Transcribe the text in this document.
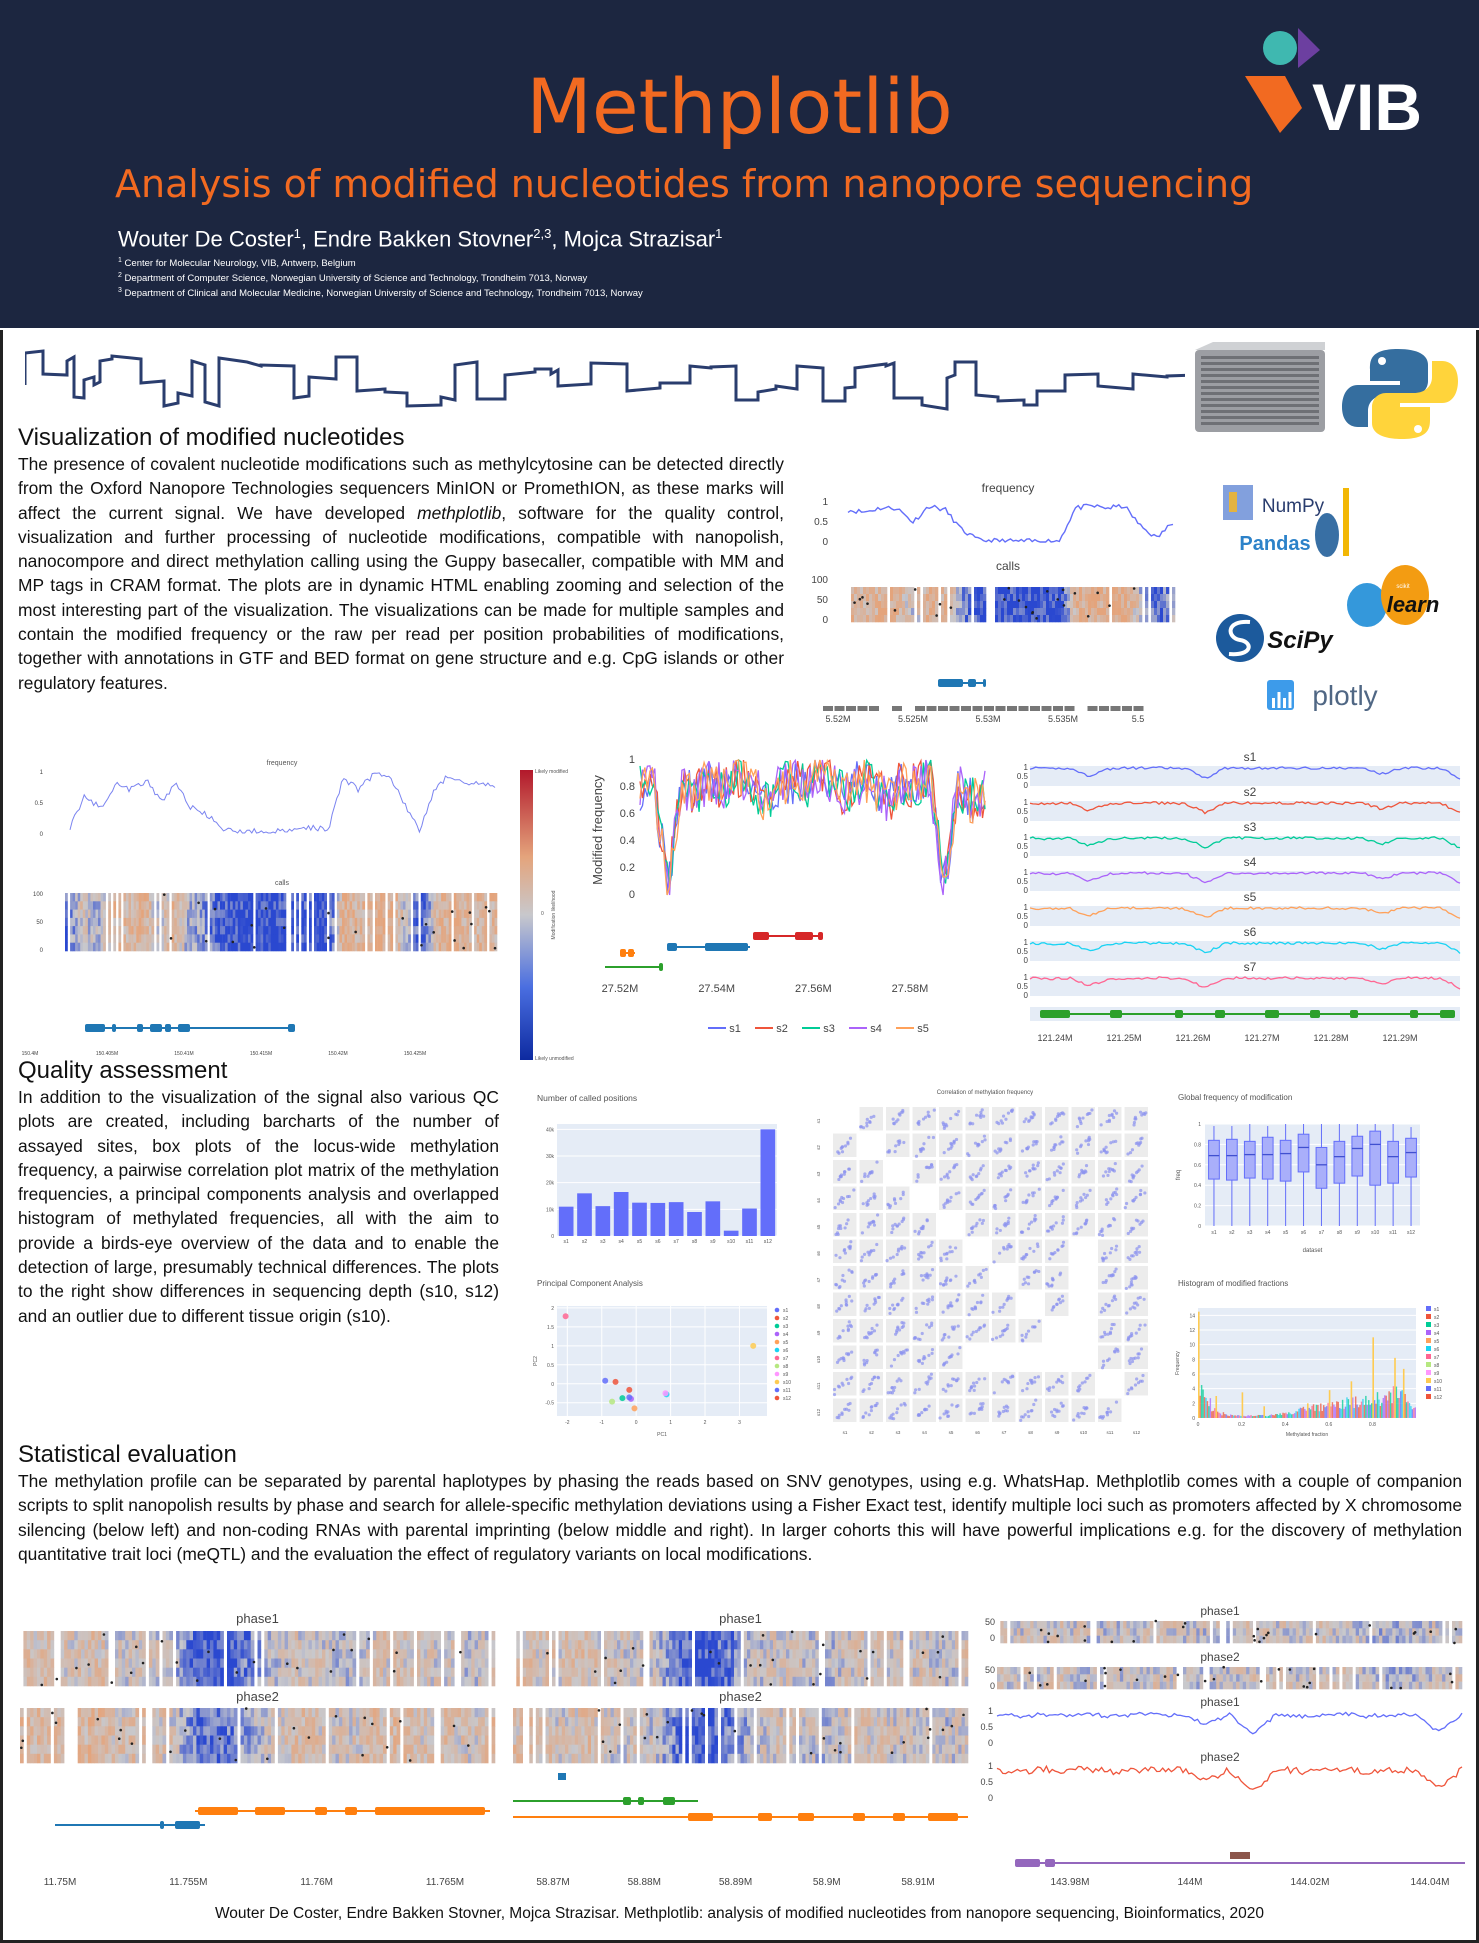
Methplotlib
Analysis of modified nucleotides from nanopore sequencing
Wouter De Coster$^1$, Endre Bakken Stovner$^{2,3}$, Mojca Strazisar$^1$
$^1$ Center for Molecular Neurology, VIB, Antwerp, Belgium
$^2$ Department of Computer Science, Norwegian University of Science and Technology, Trondheim 7013, Norway
$^3$ Department of Clinical and Molecular Medicine, Norwegian University of Science and Technology, Trondheim 7013, Norway
VIB
Visualization of modified nucleotides
The presence of covalent nucleotide modifications such as methylcytosine can be detected directly from the Oxford Nanopore Technologies sequencers MinION or PromethION, as these marks will affect the current signal. We have developed methplotlib, software for the quality control, visualization and further processing of nucleotide modifications, compatible with nanopolish, nanocompore and direct methylation calling using the Guppy basecaller, compatible with MM and MP tags in CRAM format. The plots are in dynamic HTML enabling zooming and selection of the most interesting part of the visualization. The visualizations can be made for multiple samples and contain the modified frequency or the raw per read per position probabilities of modifications, together with annotations in GTF and BED format on gene structure and e.g. CpG islands or other regulatory features.
frequency
1
0.5
0
calls
100
50
0
5.52M	5.525M	5.53M	5.535M	5.5
NumPy
Pandas
scikit
learn
SciPy
plotly
frequency
1
0.5
0
calls
100
50
0
150.4M	150.405M	150.41M	150.415M	150.42M	150.425M
Likely modified
Likely unmodified
0 Modification likelihood
1
0.8
0.6
0.4
0.2
0
Modified frequency
27.52M	27.54M	27.56M	27.58M
s1	s2	s3	s4	s5
s1
1
0.5
0	s2
1
0.5
0	s3
1
0.5
0	s4
1
0.5
0	s5
1
0.5
0	s6
1
0.5
0	s7
1
0.5
0
121.24M	121.25M	121.26M	121.27M	121.28M	121.29M
Quality assessment
In addition to the visualization of the signal also various QC plots are created, including barcharts of the number of assayed sites, box plots of the locus-wide methylation frequency, a pairwise correlation plot matrix of the methylation frequencies, a principal components analysis and overlapped histogram of methylated frequencies, all with the aim to provide a birds-eye overview of the data and to enable the detection of large, presumably technical differences. The plots to the right show differences in sequencing depth (s10, s12) and an outlier due to different tissue origin (s10).
Number of called positions
0
10k
20k
30k
40k
s1	s2	s3	s4	s5	s6	s7	s8	s9 s10 s11 s12
Correlation of methylation frequency
s1
s1
s2
s2
s3
s3
s4
s4
s5
s5
s6
s6
s7
s7
s8
s8
s9
s9
s10
s10
s11
s11
s12
s12
Global frequency of modification
0
0.2
0.4
0.6
0.8
1
freq
dataset
s1	s2	s3	s4	s5	s6	s7	s8	s9 s10 s11 s12
Principal Component Analysis
-2	-1	0	1	2	3
-0.5
0
0.5
1
1.5
2
PC1
PC2
s1
s2
s3
s4
s5
s6
s7
s8
s9
s10
s11
s12
Histogram of modified fractions
0
2
4
6
8
10
12
14
0	0.2	0.4	0.6	0.8
Methylated fraction
Frequency
s1
s2
s3
s4
s5
s6
s7
s8
s9
s10
s11
s12
Statistical evaluation
The methylation profile can be separated by parental haplotypes by phasing the reads based on SNV genotypes, using e.g. WhatsHap. Methplotlib comes with a couple of companion scripts to split nanopolish results by phase and search for allele-specific methylation deviations using a Fisher Exact test, identify multiple loci such as promoters affected by X chromosome silencing (below left) and non-coding RNAs with parental imprinting (below middle and right). In larger cohorts this will have powerful implications e.g. for the discovery of methylation quantitative trait loci (meQTL) and the evaluation the effect of regulatory variants on local modifications.
phase1
phase2
11.75M	11.755M	11.76M	11.765M
phase1
phase2
58.87M	58.88M	58.89M	58.9M	58.91M
phase1
50
0
phase2
50
0
phase1
1
0.5
0
phase2
1
0.5
0
143.98M	144M	144.02M	144.04M
Wouter De Coster, Endre Bakken Stovner, Mojca Strazisar. Methplotlib: analysis of modified nucleotides from nanopore sequencing, Bioinformatics, 2020
